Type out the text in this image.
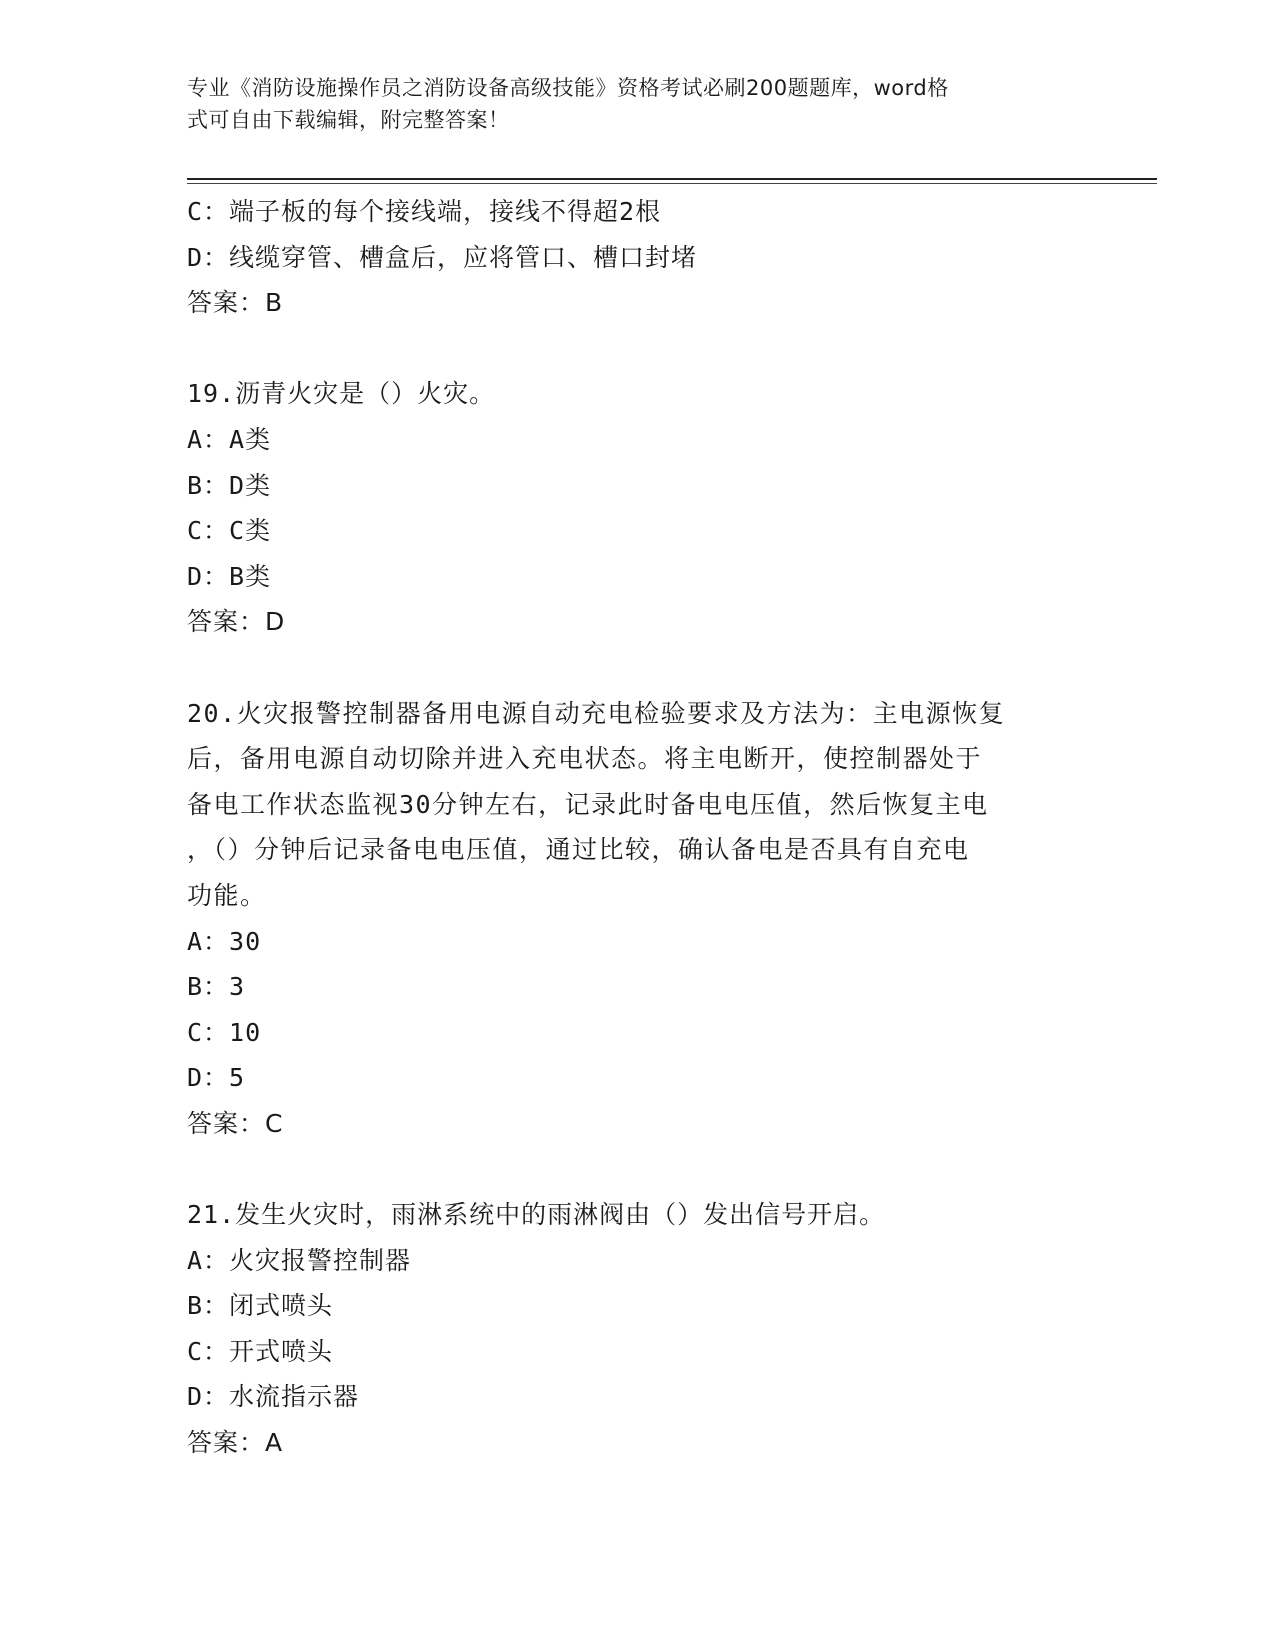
专业《消防设施操作员之消防设备高级技能》资格考试必刷200题题库，word格
式可自由下载编辑，附完整答案！
C：端子板的每个接线端，接线不得超2根
D：线缆穿管、槽盒后，应将管口、槽口封堵
答案：B
19.沥青火灾是（）火灾。
A：A类
B：D类
C：C类
D：B类
答案：D
20.火灾报警控制器备用电源自动充电检验要求及方法为：主电源恢复
后，备用电源自动切除并进入充电状态。将主电断开，使控制器处于
备电工作状态监视30分钟左右，记录此时备电电压值，然后恢复主电
，（）分钟后记录备电电压值，通过比较，确认备电是否具有自充电
功能。
A：30
B：3
C：10
D：5
答案：C
21.发生火灾时，雨淋系统中的雨淋阀由（）发出信号开启。
A：火灾报警控制器
B：闭式喷头
C：开式喷头
D：水流指示器
答案：A
